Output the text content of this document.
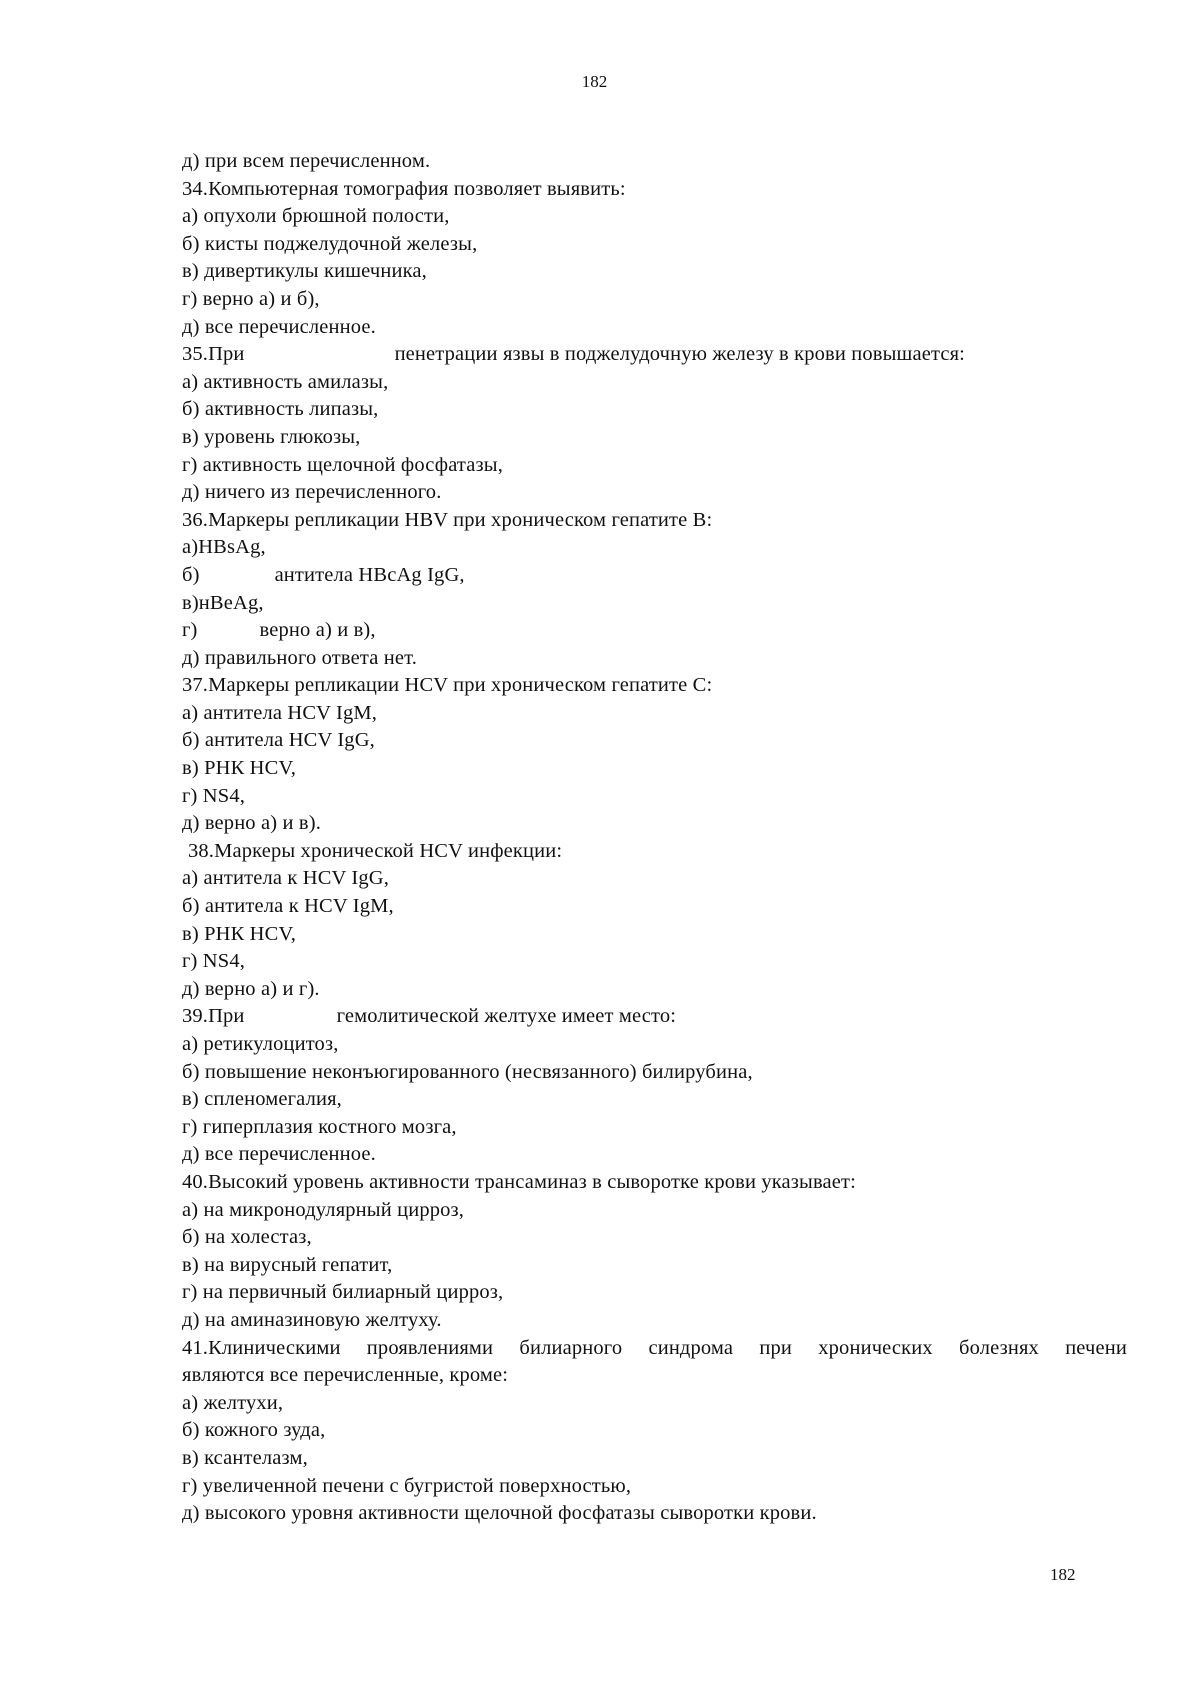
182
д) при всем перечисленном.
34.Компьютерная томография позволяет выявить:
а) опухоли брюшной полости,
б) кисты поджелудочной железы,
в) дивертикулы кишечника,
г) верно а) и б),
д) все перечисленное.
35.При	пенетрации язвы в поджелудочную железу в крови повышается:
а) активность амилазы,
б) активность липазы,
в) уровень глюкозы,
г) активность щелочной фосфатазы,
д) ничего из перечисленного.
36.Маркеры репликации HBV при хроническом гепатите В:
а)HBsAg,
б)	антитела HBcAg IgG,
в)нВеAg,
г)	верно а) и в),
д) правильного ответа нет.
37.Маркеры репликации HCV при хроническом гепатите С:
а) антитела HCV IgM,
б) антитела HCV IgG,
в) РНК HCV,
г) NS4,
д) верно а) и в).
38.Маркеры хронической HCV инфекции:
а) антитела к HCV IgG,
б) антитела к HCV IgM,
в) РНК HCV,
г) NS4,
д) верно а) и г).
39.При	гемолитической желтухе имеет место:
а) ретикулоцитоз,
б) повышение неконъюгированного (несвязанного) билирубина,
в) спленомегалия,
г) гиперплазия костного мозга,
д) все перечисленное.
40.Высокий уровень активности трансаминаз в сыворотке крови указывает:
а) на микронодулярный цирроз,
б) на холестаз,
в) на вирусный гепатит,
г) на первичный билиарный цирроз,
д) на аминазиновую желтуху.
41.Клиническими проявлениями билиарного синдрома при хронических болезнях печени
являются все перечисленные, кроме:
а) желтухи,
б) кожного зуда,
в) ксантелазм,
г) увеличенной печени с бугристой поверхностью,
д) высокого уровня активности щелочной фосфатазы сыворотки крови.
182
